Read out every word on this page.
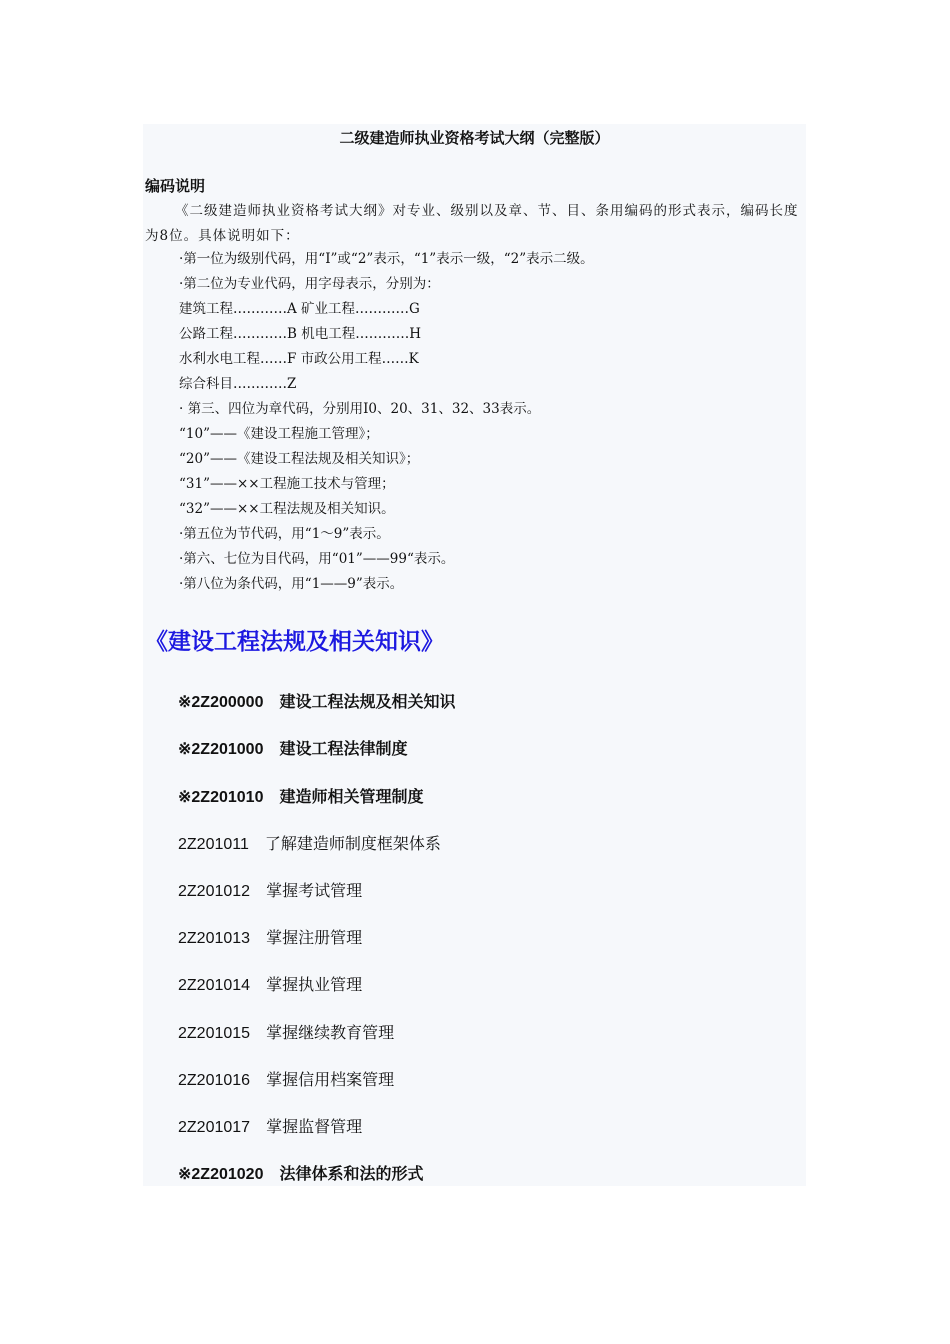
二级建造师执业资格考试大纲（完整版）
编码说明
《二级建造师执业资格考试大纲》对专业、级别以及章、节、目、条用编码的形式表示，编码长度为8位。具体说明如下：
·第一位为级别代码，用“I”或“2”表示，“1”表示一级，“2”表示二级。
·第二位为专业代码，用字母表示，分别为：
建筑工程…………A 矿业工程…………G
公路工程…………B 机电工程…………H
水利水电工程……F 市政公用工程……K
综合科目…………Z
· 第三、四位为章代码，分别用I0、20、31、32、33表示。
“10”——《建设工程施工管理》；
“20”——《建设工程法规及相关知识》；
“31”——××工程施工技术与管理；
“32”——××工程法规及相关知识。
·第五位为节代码，用“1～9”表示。
·第六、七位为目代码，用“01”——99“表示。
·第八位为条代码，用“1——9”表示。
《建设工程法规及相关知识》
※2Z200000 建设工程法规及相关知识
※2Z201000 建设工程法律制度
※2Z201010 建造师相关管理制度
2Z201011 了解建造师制度框架体系
2Z201012 掌握考试管理
2Z201013 掌握注册管理
2Z201014 掌握执业管理
2Z201015 掌握继续教育管理
2Z201016 掌握信用档案管理
2Z201017 掌握监督管理
※2Z201020 法律体系和法的形式
